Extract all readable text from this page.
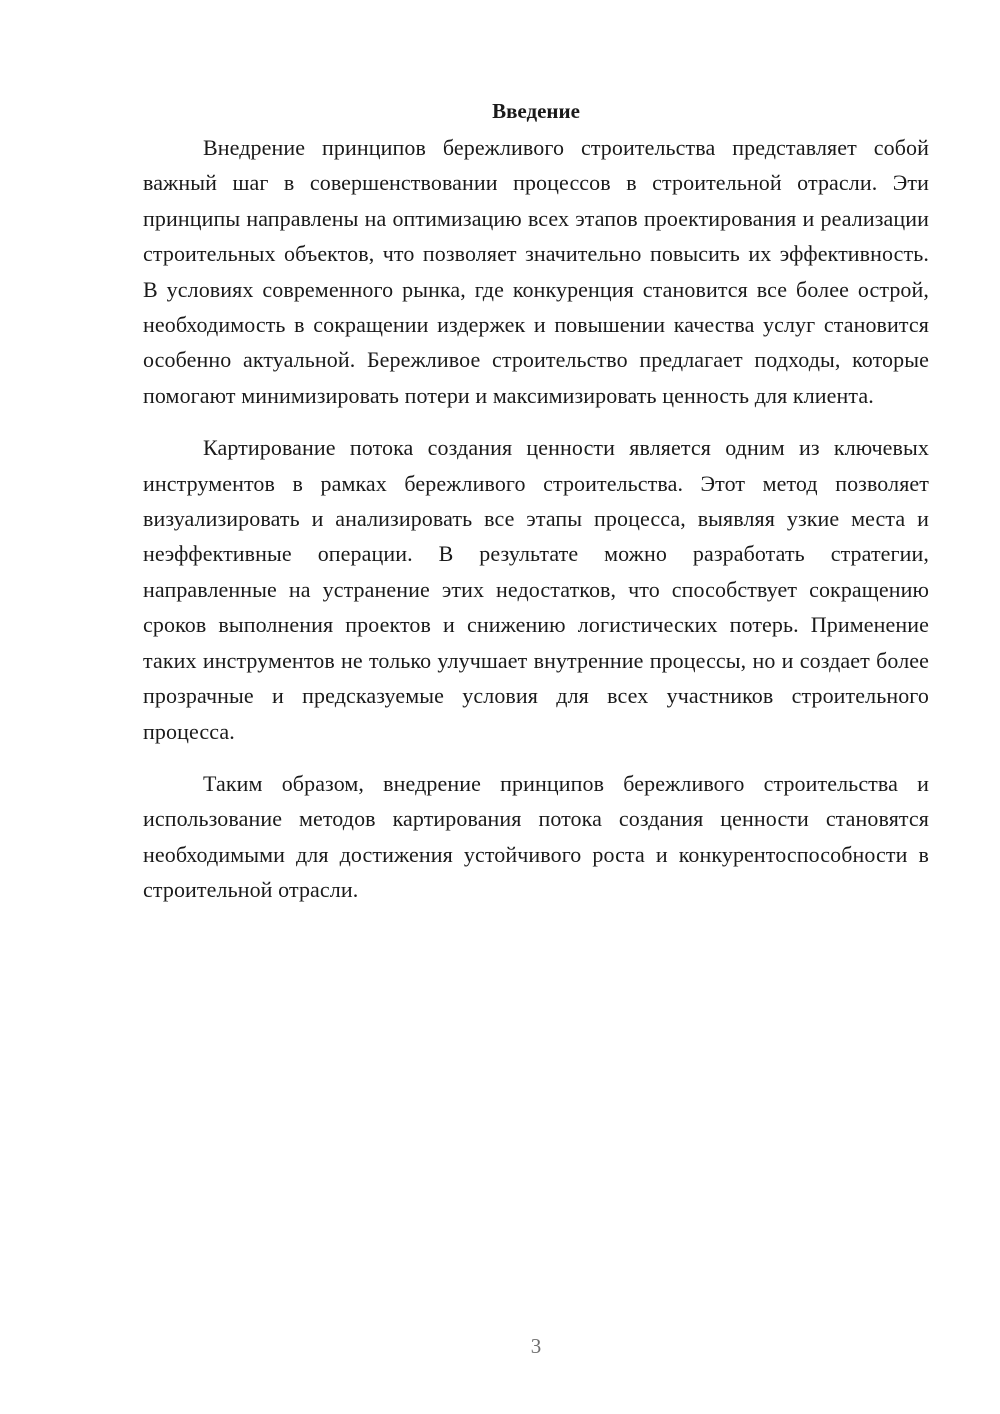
Введение

Внедрение принципов бережливого строительства представляет собой важный шаг в совершенствовании процессов в строительной отрасли. Эти принципы направлены на оптимизацию всех этапов проектирования и реализации строительных объектов, что позволяет значительно повысить их эффективность. В условиях современного рынка, где конкуренция становится все более острой, необходимость в сокращении издержек и повышении качества услуг становится особенно актуальной. Бережливое строительство предлагает подходы, которые помогают минимизировать потери и максимизировать ценность для клиента.

Картирование потока создания ценности является одним из ключевых инструментов в рамках бережливого строительства. Этот метод позволяет визуализировать и анализировать все этапы процесса, выявляя узкие места и неэффективные операции. В результате можно разработать стратегии, направленные на устранение этих недостатков, что способствует сокращению сроков выполнения проектов и снижению логистических потерь. Применение таких инструментов не только улучшает внутренние процессы, но и создает более прозрачные и предсказуемые условия для всех участников строительного процесса.

Таким образом, внедрение принципов бережливого строительства и использование методов картирования потока создания ценности становятся необходимыми для достижения устойчивого роста и конкурентоспособности в строительной отрасли.

3
